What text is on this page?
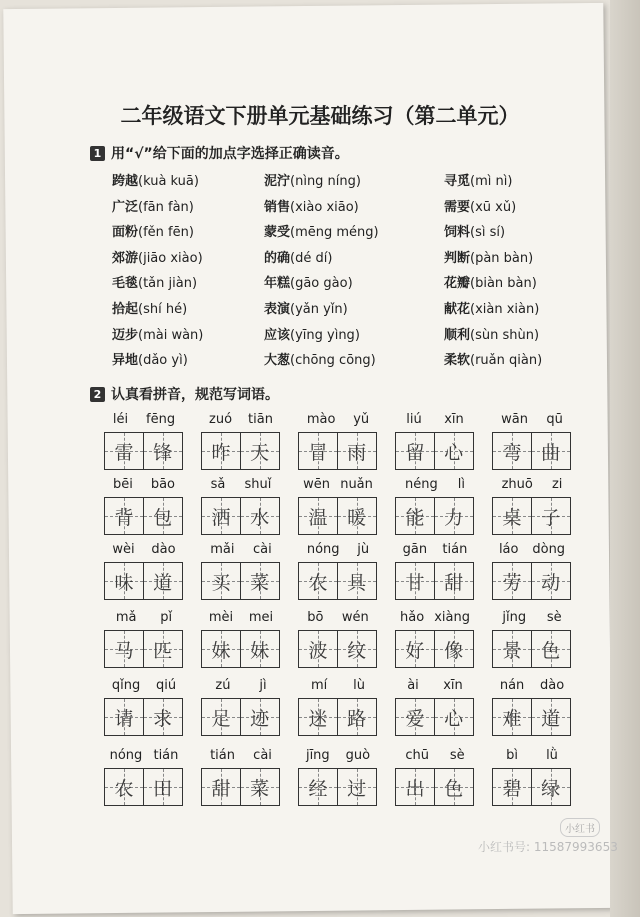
二年级语文下册单元基础练习（第二单元）
1 用“√”给下面的加点字选择正确读音。
跨越(kuà kuā)
广泛(fān fàn)
面粉(fěn fēn)
郊游(jiāo xiào)
毛毯(tǎn jiàn)
拾起(shí hé)
迈步(mài wàn)
异地(dǎo yì)
泥泞(nìng níng)
销售(xiào xiāo)
蒙受(mēng méng)
的确(dé dí)
年糕(gāo gào)
表演(yǎn yǐn)
应该(yīng yìng)
大葱(chōng cōng)
寻觅(mì nì)
需要(xū xǔ)
饲料(sì sí)
判断(pàn bàn)
花瓣(biàn bàn)
献花(xiàn xiàn)
顺利(sùn shùn)
柔软(ruǎn qiàn)
2 认真看拼音，规范写词语。
léi fēng
雷 锋
zuó tiān
昨 天
mào yǔ
冒 雨
liú xīn
留 心
wān qū
弯 曲
bēi bāo
背 包
sǎ shuǐ
洒 水
wēn nuǎn
温 暖
néng lì
能 力
zhuō zi
桌 子
wèi dào
味 道
mǎi cài
买 菜
nóng jù
农 具
gān tián
甘 甜
láo dòng
劳 动
mǎ pǐ
马 匹
mèi mei
妹 妹
bō wén
波 纹
hǎo xiàng
好 像
jǐng sè
景 色
qǐng qiú
请 求
zú jì
足 迹
mí lù
迷 路
ài xīn
爱 心
nán dào
难 道
nóng tián
农 田
tián cài
甜 菜
jīng guò
经 过
chū sè
出 色
bì lǜ
碧 绿
小红书
小红书号: 11587993653
